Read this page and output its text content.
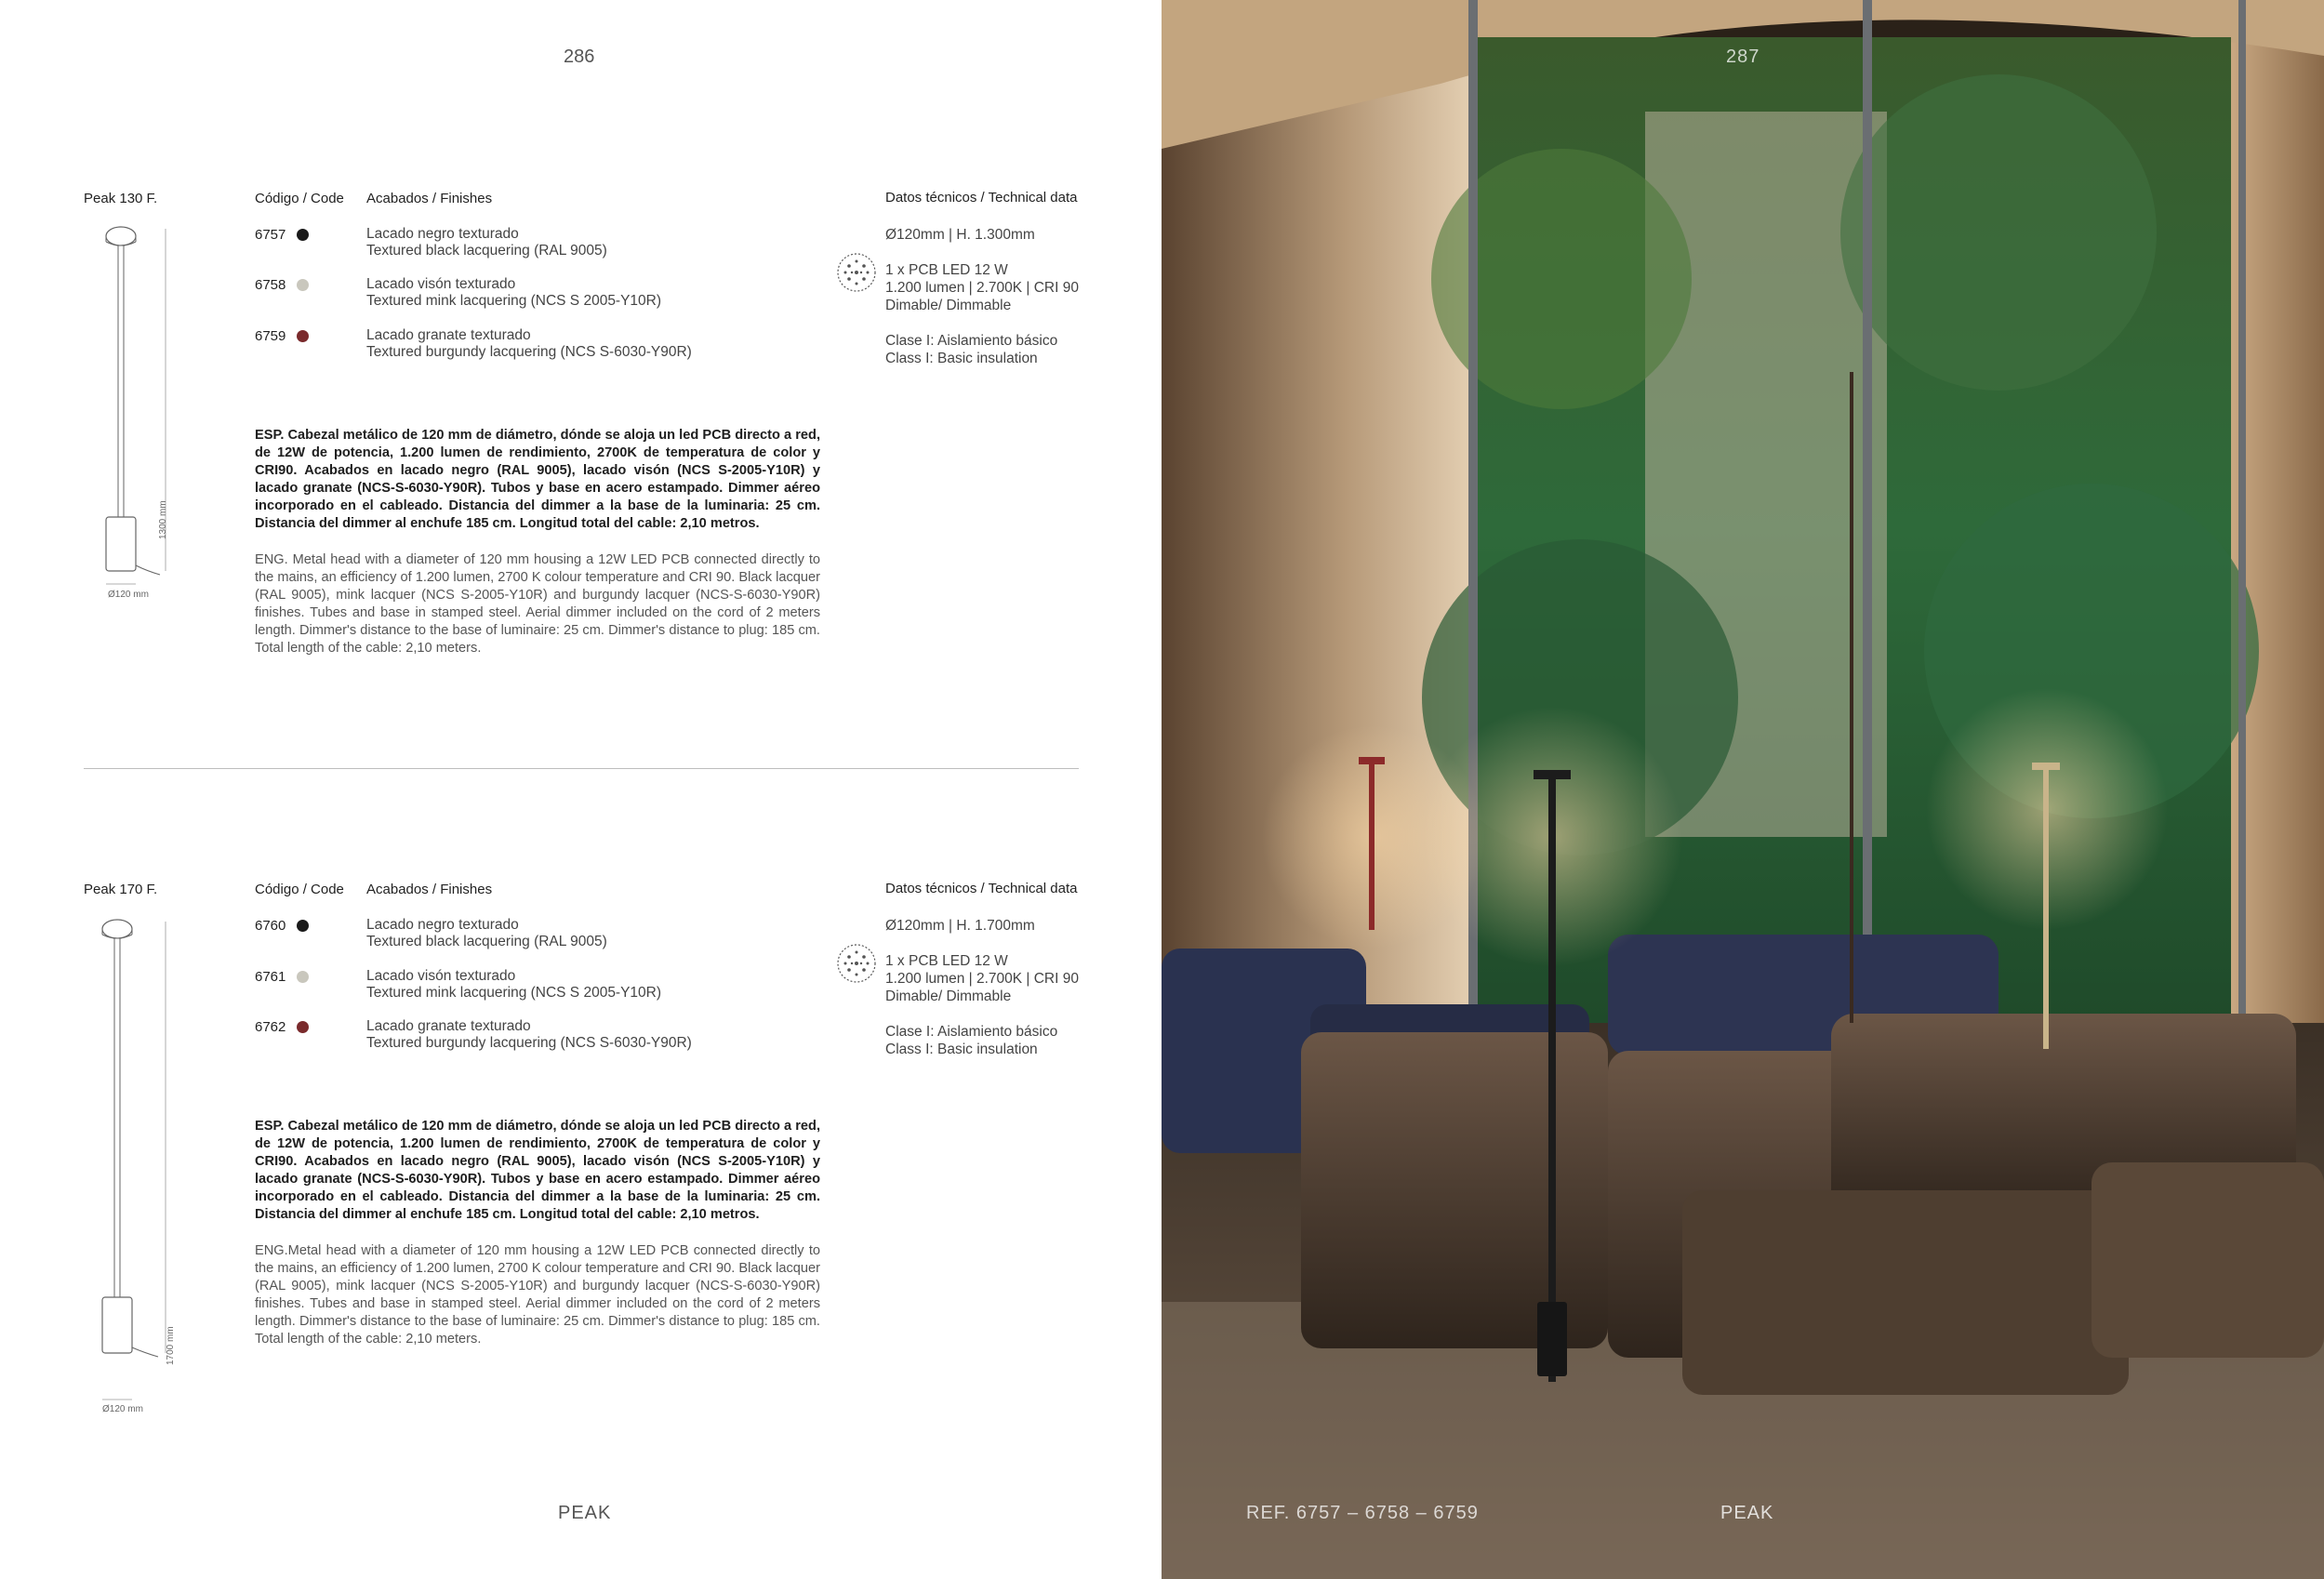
286
Peak 130 F.	Código / Code Acabados / Finishes	Datos técnicos / Technical data
1300 mm
Ø120 mm
6757	Lacado negro texturado
Textured black lacquering (RAL 9005)
6758	Lacado visón texturado
Textured mink lacquering (NCS S 2005-Y10R)
6759	Lacado granate texturado
Textured burgundy lacquering (NCS S-6030-Y90R)
Ø120mm | H. 1.300mm
1 x PCB LED 12 W
1.200 lumen | 2.700K | CRI 90
Dimable/ Dimmable
Clase I: Aislamiento básico
Class I: Basic insulation
ESP. Cabezal metálico de 120 mm de diámetro, dónde se aloja un led PCB directo a red, de 12W de potencia, 1.200 lumen de rendimiento, 2700K de temperatura de color y CRI90. Acabados en lacado negro (RAL 9005), lacado visón (NCS S-2005-Y10R) y lacado granate (NCS-S-6030-Y90R). Tubos y base en acero estampado. Dimmer aéreo incorporado en el cableado. Distancia del dimmer a la base de la luminaria: 25 cm. Distancia del dimmer al enchufe 185 cm. Longitud total del cable: 2,10 metros.
ENG. Metal head with a diameter of 120 mm housing a 12W LED PCB connected directly to the mains, an efficiency of 1.200 lumen, 2700 K colour temperature and CRI 90. Black lacquer (RAL 9005), mink lacquer (NCS S-2005-Y10R) and burgundy lacquer (NCS-S-6030-Y90R) finishes. Tubes and base in stamped steel. Aerial dimmer included on the cord of 2 meters length. Dimmer's distance to the base of luminaire: 25 cm. Dimmer's distance to plug: 185 cm. Total length of the cable: 2,10 meters.
Peak 170 F.	Código / Code Acabados / Finishes	Datos técnicos / Technical data
1700 mm
Ø120 mm
6760	Lacado negro texturado
Textured black lacquering (RAL 9005)
6761	Lacado visón texturado
Textured mink lacquering (NCS S 2005-Y10R)
6762	Lacado granate texturado
Textured burgundy lacquering (NCS S-6030-Y90R)
Ø120mm | H. 1.700mm
1 x PCB LED 12 W
1.200 lumen | 2.700K | CRI 90
Dimable/ Dimmable
Clase I: Aislamiento básico
Class I: Basic insulation
ESP. Cabezal metálico de 120 mm de diámetro, dónde se aloja un led PCB directo a red, de 12W de potencia, 1.200 lumen de rendimiento, 2700K de temperatura de color y CRI90. Acabados en lacado negro (RAL 9005), lacado visón (NCS S-2005-Y10R) y lacado granate (NCS-S-6030-Y90R). Tubos y base en acero estampado. Dimmer aéreo incorporado en el cableado. Distancia del dimmer a la base de la luminaria: 25 cm. Distancia del dimmer al enchufe 185 cm. Longitud total del cable: 2,10 metros.
ENG.Metal head with a diameter of 120 mm housing a 12W LED PCB connected directly to the mains, an efficiency of 1.200 lumen, 2700 K colour temperature and CRI 90. Black lacquer (RAL 9005), mink lacquer (NCS S-2005-Y10R) and burgundy lacquer (NCS-S-6030-Y90R) finishes. Tubes and base in stamped steel. Aerial dimmer included on the cord of 2 meters length. Dimmer's distance to the base of luminaire: 25 cm. Dimmer's distance to plug: 185 cm. Total length of the cable: 2,10 meters.
PEAK
287
REF. 6757 – 6758 – 6759	PEAK
